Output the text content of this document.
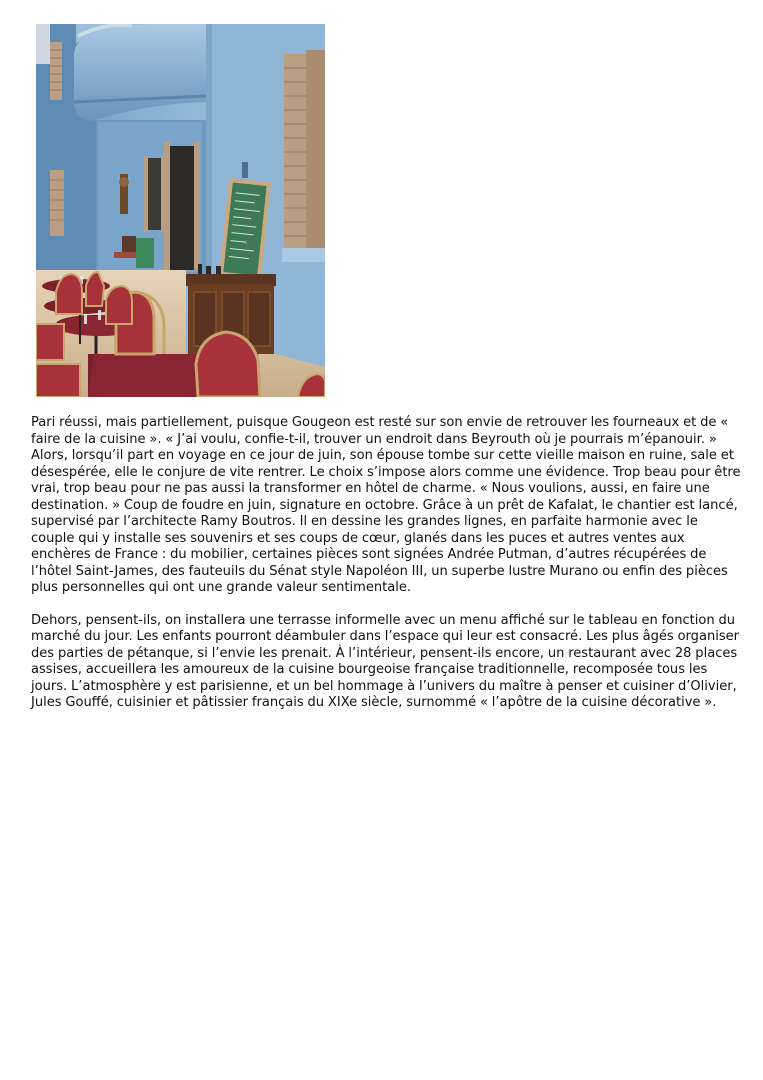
Pari réussi, mais partiellement, puisque Gougeon est resté sur son envie de retrouver les fourneaux et de « faire de la cuisine ». « J’ai voulu, confie-t-il, trouver un endroit dans Beyrouth où je pourrais m’épanouir. » Alors, lorsqu’il part en voyage en ce jour de juin, son épouse tombe sur cette vieille maison en ruine, sale et désespérée, elle le conjure de vite rentrer. Le choix s’impose alors comme une évidence. Trop beau pour être vrai, trop beau pour ne pas aussi la transformer en hôtel de charme. « Nous voulions, aussi, en faire une destination. » Coup de foudre en juin, signature en octobre. Grâce à un prêt de Kafalat, le chantier est lancé, supervisé par l’architecte Ramy Boutros. Il en dessine les grandes lignes, en parfaite harmonie avec le couple qui y installe ses souvenirs et ses coups de cœur, glanés dans les puces et autres ventes aux enchères de France : du mobilier, certaines pièces sont signées Andrée Putman, d’autres récupérées de l’hôtel Saint-James, des fauteuils du Sénat style Napoléon III, un superbe lustre Murano ou enfin des pièces plus personnelles qui ont une grande valeur sentimentale.

Dehors, pensent-ils, on installera une terrasse informelle avec un menu affiché sur le tableau en fonction du marché du jour. Les enfants pourront déambuler dans l’espace qui leur est consacré. Les plus âgés organiser des parties de pétanque, si l’envie les prenait. À l’intérieur, pensent-ils encore, un restaurant avec 28 places assises, accueillera les amoureux de la cuisine bourgeoise française traditionnelle, recomposée tous les jours. L’atmosphère y est parisienne, et un bel hommage à l’univers du maître à penser et cuisiner d’Olivier, Jules Gouffé, cuisinier et pâtissier français du XIXe siècle, surnommé « l’apôtre de la cuisine décorative ».
